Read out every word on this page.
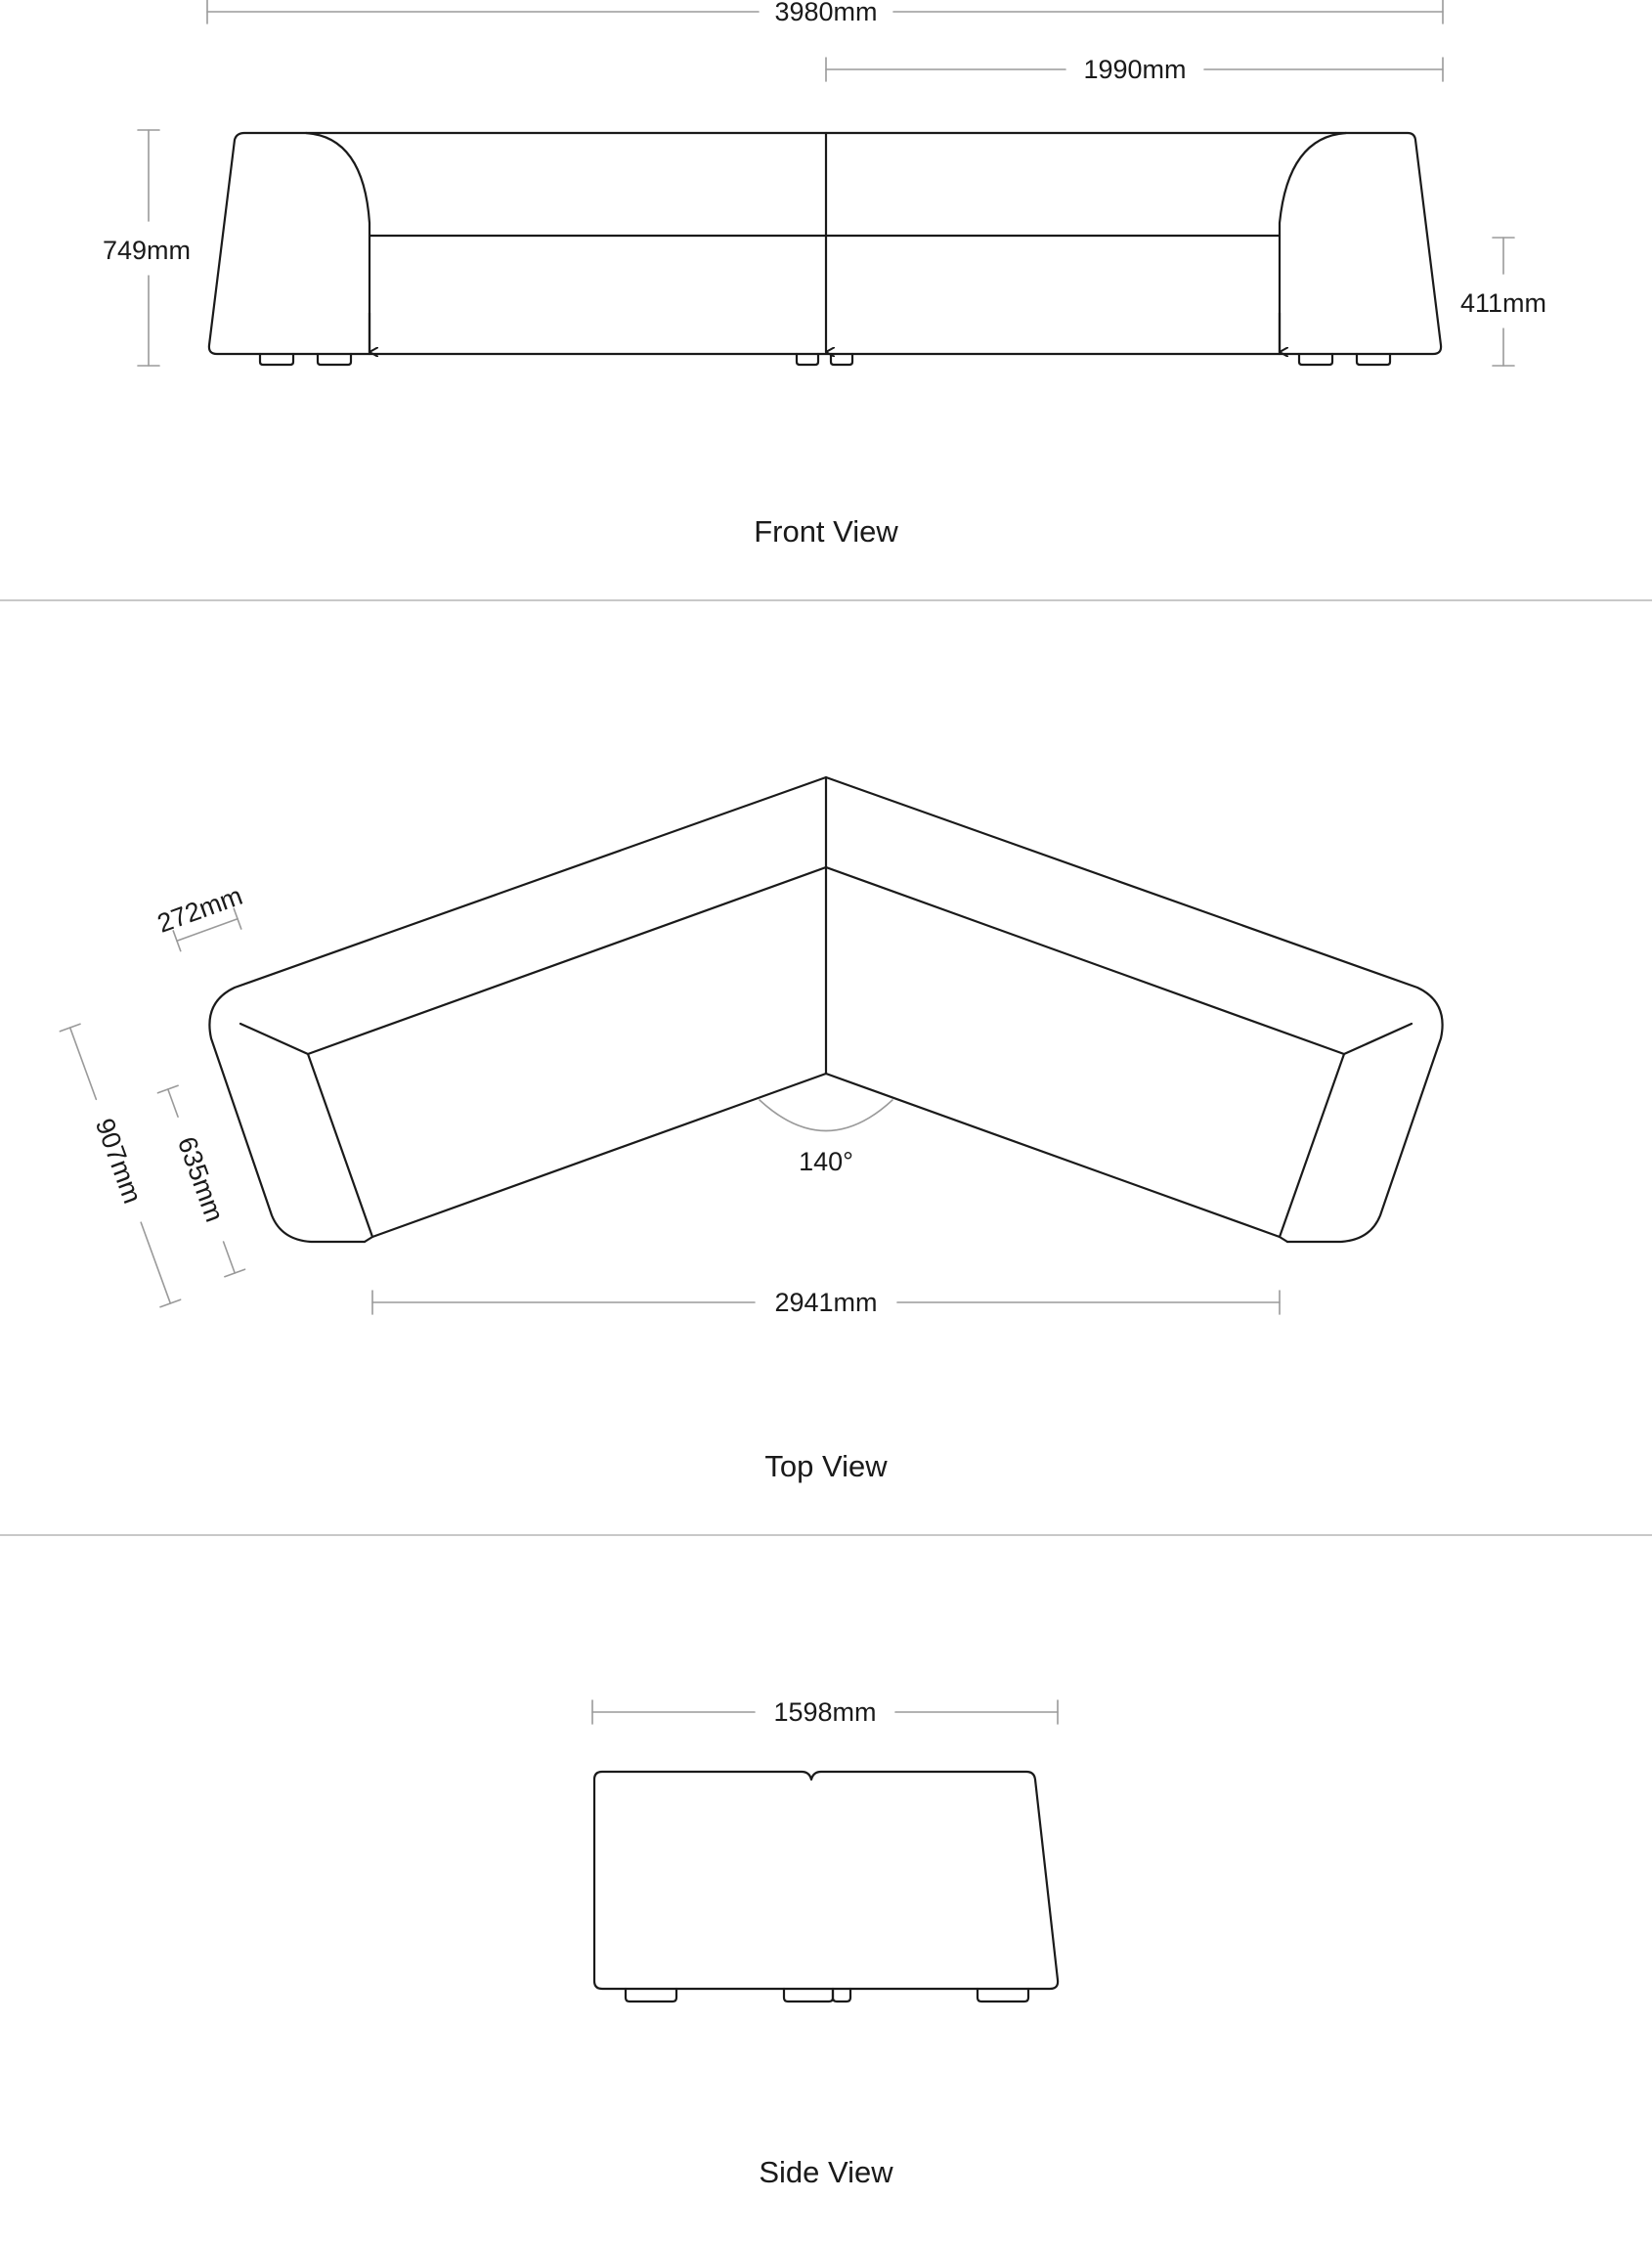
3980mm
1990mm
749mm
411mm
Front View
140°
272mm
907mm 635mm
2941mm
Top View
1598mm
Side View
